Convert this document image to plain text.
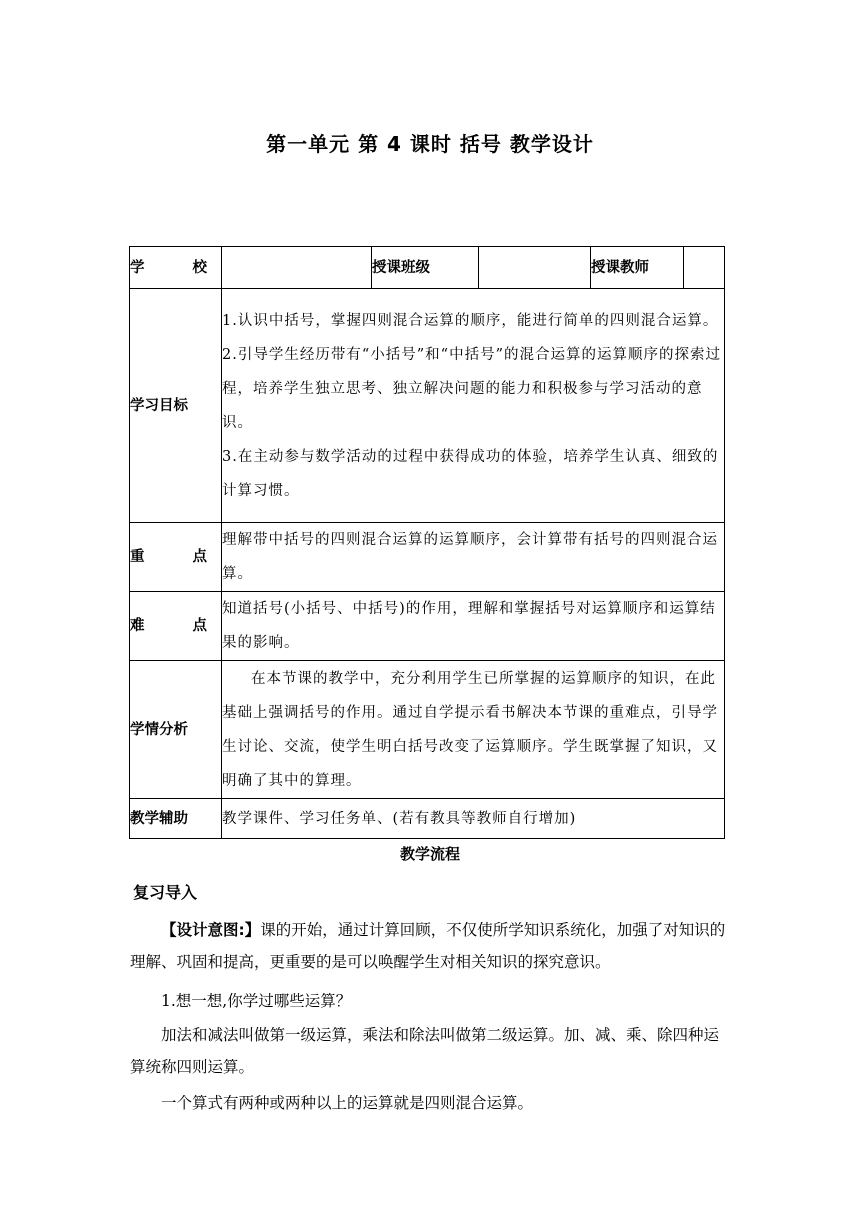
第一单元 第 4 课时 括号 教学设计
学 校		授课班级		授课教师	
学习目标	1.认识中括号，掌握四则混合运算的顺序，能进行简单的四则混合运算。

2.引导学生经历带有“小括号”和“中括号”的混合运算的运算顺序的探索过程，培养学生独立思考、独立解决问题的能力和积极参与学习活动的意识。

3.在主动参与数学活动的过程中获得成功的体验，培养学生认真、细致的计算习惯。				

重 点	理解带中括号的四则混合运算的运算顺序，会计算带有括号的四则混合运算。				
难 点	知道括号(小括号、中括号)的作用，理解和掌握括号对运算顺序和运算结果的影响。				
学情分析	在本节课的教学中，充分利用学生已所掌握的运算顺序的知识，在此基础上强调括号的作用。通过自学提示看书解决本节课的重难点，引导学生讨论、交流，使学生明白括号改变了运算顺序。学生既掌握了知识，又明确了其中的算理。				

教学辅助	教学课件、学习任务单、(若有教具等教师自行增加)				
教学流程
复习导入

【设计意图:】课的开始，通过计算回顾，不仅使所学知识系统化，加强了对知识的理解、巩固和提高，更重要的是可以唤醒学生对相关知识的探究意识。

1.想一想,你学过哪些运算？

加法和减法叫做第一级运算，乘法和除法叫做第二级运算。加、减、乘、除四种运算统称四则运算。

一个算式有两种或两种以上的运算就是四则混合运算。
